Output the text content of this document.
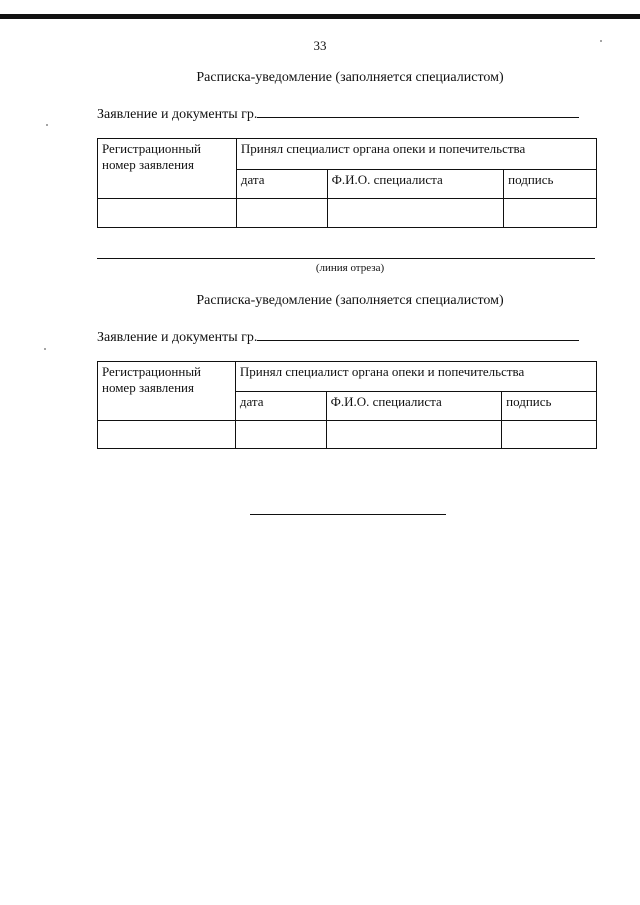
33
Расписка-уведомление (заполняется специалистом)
Заявление и документы гр.
Регистрационный номер заявления	Принял специалист органа опеки и попечительства		
	дата	Ф.И.О. специалиста	подпись

(линия отреза)
Расписка-уведомление (заполняется специалистом)
Заявление и документы гр.
Регистрационный номер заявления	Принял специалист органа опеки и попечительства		
	дата	Ф.И.О. специалиста	подпись
